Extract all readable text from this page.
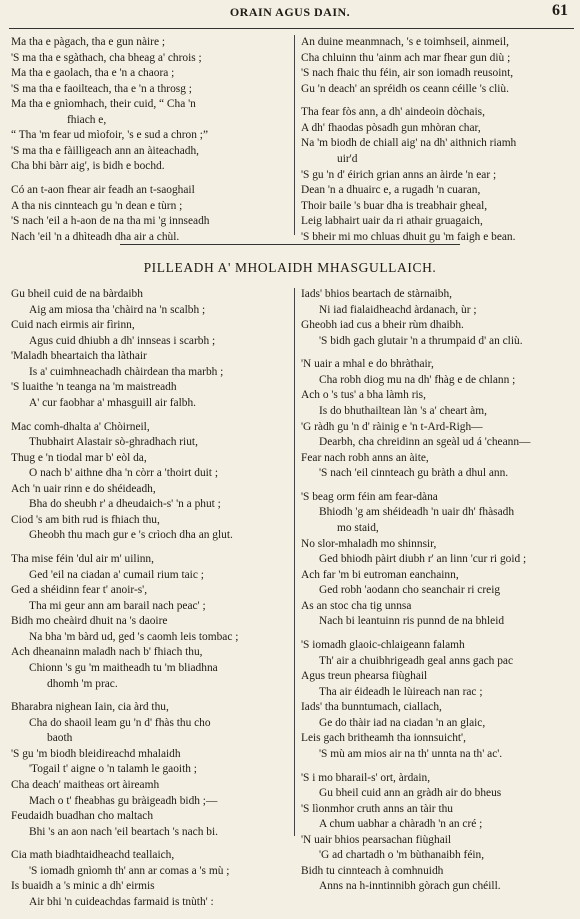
ORAIN AGUS DAIN.	61
Ma tha e pàgach, tha e gun nàire ;
'S ma tha e sgàthach, cha bheag a' chrois ;
Ma tha e gaolach, tha e 'n a chaora ;
'S ma tha e faoilteach, tha e 'n a throsg ;
Ma tha e gnìomhach, their cuid, “ Cha 'n
fhiach e,
“ Tha 'm fear ud mìofoir, 's e sud a chron ;”
'S ma tha e fàilligeach ann an àiteachadh,
Cha bhi bàrr aig', is bidh e bochd.
Có an t-aon fhear air feadh an t-saoghail
A tha nis cinnteach gu 'n dean e tùrn ;
'S nach 'eil a h-aon de na tha mi 'g innseadh
Nach 'eil 'n a dhìteadh dha air a chùl.
An duine meanmnach, 's e toimhseil, ainmeil,
Cha chluinn thu 'ainm ach mar fhear gun diù ;
'S nach fhaic thu féin, air son iomadh reusoint,
Gu 'n deach' an spréidh os ceann céille 's cliù.
Tha fear fòs ann, a dh' aindeoin dòchais,
A dh' fhaodas pòsadh gun mhòran char,
Na 'm biodh de chiall aig' na dh' aithnich riamh
uir'd
'S gu 'n d' éirich grian anns an àirde 'n ear ;
Dean 'n a dhuairc e, a rugadh 'n cuaran,
Thoir baile 's buar dha is treabhair gheal,
Leig labhairt uair da ri athair gruagaich,
'S bheir mi mo chluas dhuit gu 'm faigh e bean.
PILLEADH A' MHOLAIDH MHASGULLAICH.
Gu bheil cuid de na bàrdaibh
Aig am miosa tha 'chàird na 'n scalbh ;
Cuid nach eirmis air fìrinn,
Agus cuid dhiubh a dh' innseas i scarbh ;
'Maladh bheartaich tha làthair
Is a' cuimhneachadh chàirdean tha marbh ;
'S luaithe 'n teanga na 'm maistreadh
A' cur faobhar a' mhasguill air falbh.
Mac comh-dhalta a' Chòirneil,
Thubhairt Alastair sò-ghradhach riut,
Thug e 'n tiodal mar b' eòl da,
O nach b' aithne dha 'n còrr a 'thoirt duit ;
Ach 'n uair rinn e do shéideadh,
Bha do sheubh r' a dheudaich-s' 'n a phut ;
Ciod 's am bith rud is fhiach thu,
Gheobh thu mach gur e 's crìoch dha an glut.
Tha mise féin 'dul air m' uilinn,
Ged 'eil na ciadan a' cumail rium taic ;
Ged a shéidinn fear t' anoir-s',
Tha mi geur ann am barail nach peac' ;
Bidh mo cheàird dhuit na 's daoire
Na bha 'm bàrd ud, ged 's caomh leis tombac ;
Ach dheanainn maladh nach b' fhiach thu,
Chionn 's gu 'm maitheadh tu 'm bliadhna
dhomh 'm prac.
Bharabra nighean Iain, cia àrd thu,
Cha do shaoil leam gu 'n d' fhàs thu cho
baoth
'S gu 'm biodh bleidireachd mhalaidh
'Togail t' aigne o 'n talamh le gaoith ;
Cha deach' maitheas ort àireamh
Mach o t' fheabhas gu bràigeadh bidh ;—
Feudaidh buadhan cho maltach
Bhi 's an aon nach 'eil beartach 's nach bi.
Cia math biadhtaidheachd teallaich,
'S iomadh gnìomh th' ann ar comas a 's mù ;
Is buaidh a 's minic a dh' eirmis
Air bhi 'n cuideachdas farmaid is tnùth' :
Iads' bhios beartach de stàrnaibh,
Ni iad fialaidheachd àrdanach, ùr ;
Gheobh iad cus a bheir rùm dhaibh.
'S bidh gach glutair 'n a thrumpaid d' an cliù.
'N uair a mhal e do bhràthair,
Cha robh diog mu na dh' fhàg e de chlann ;
Ach o 's tus' a bha làmh ris,
Is do bhuthailtean làn 's a' cheart àm,
'G ràdh gu 'n d' ràinig e 'n t-Ard-Righ—
Dearbh, cha chreidinn an sgeàl ud á 'cheann—
Fear nach robh anns an àite,
'S nach 'eil cinnteach gu bràth a dhul ann.
'S beag orm féin am fear-dàna
Bhiodh 'g am shéideadh 'n uair dh' fhàsadh
mo staid,
No slor-mhaladh mo shinnsir,
Ged bhiodh pàirt diubh r' an linn 'cur ri goid ;
Ach far 'm bi eutroman eanchainn,
Ged robh 'aodann cho seanchair ri creig
As an stoc cha tig unnsa
Nach bi leantuinn ris punnd de na bhleid
'S iomadh glaoic-chlaigeann falamh
Th' air a chuibhrigeadh geal anns gach pac
Agus treun phearsa fiùghail
Tha air éideadh le lùireach nan rac ;
Iads' tha bunntumach, ciallach,
Ge do thàir iad na ciadan 'n an glaic,
Leis gach britheamh tha ionnsuicht',
'S mù am mios air na th' unnta na th' ac'.
'S i mo bharail-s' ort, àrdain,
Gu bheil cuid ann an gràdh air do bheus
'S lìonmhor cruth anns an tàir thu
A chum uabhar a chàradh 'n an cré ;
'N uair bhios pearsachan fiùghail
'G ad chartadh o 'm bùthanaibh féin,
Bidh tu cinnteach à comhnuidh
Anns na h-inntinnibh gòrach gun chéill.
